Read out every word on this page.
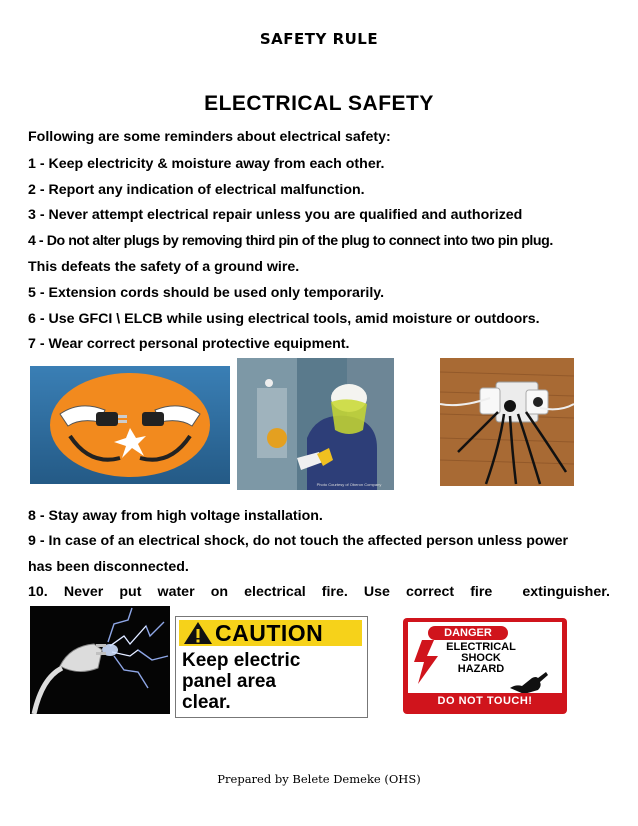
SAFETY RULE
ELECTRICAL SAFETY
Following are some reminders about electrical safety:
1 - Keep electricity & moisture away from each other.
2 - Report any indication of electrical malfunction.
3 - Never attempt electrical repair unless you are qualified and authorized
4 - Do not alter plugs by removing third pin of the plug to connect into two pin plug.
This defeats the safety of a ground wire.
5 - Extension cords should be used only temporarily.
6 - Use GFCI \ ELCB while using electrical tools, amid moisture or outdoors.
7 - Wear correct personal protective equipment.
Photo Courtesy of Oberon Company
8 - Stay away from high voltage installation.
9 - In case of an electrical shock, do not touch the affected person unless power
has been disconnected.
10. Never put water on electrical fire. Use correct fire extinguisher.
CAUTION
Keep electric
panel area
clear.
DANGER
ELECTRICAL
SHOCK
HAZARD
DO NOT TOUCH!
Prepared by Belete Demeke (OHS)
